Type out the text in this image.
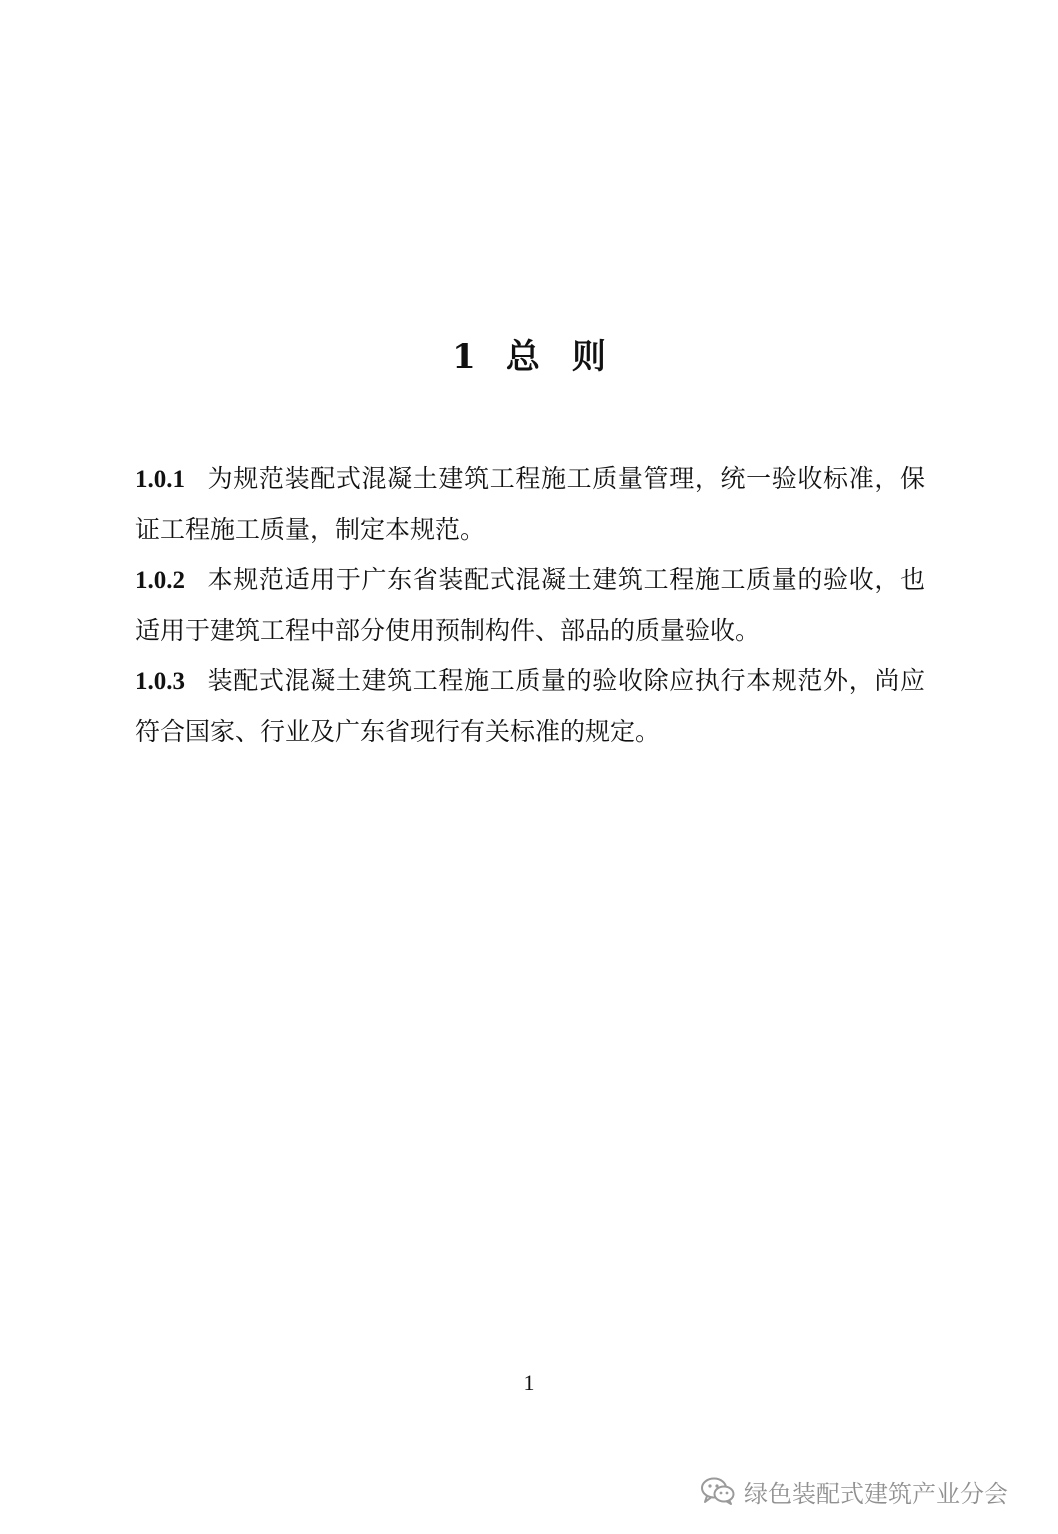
1 总 则

1.0.1 为规范装配式混凝土建筑工程施工质量管理，统一验收标准，保证工程施工质量，制定本规范。

1.0.2 本规范适用于广东省装配式混凝土建筑工程施工质量的验收，也适用于建筑工程中部分使用预制构件、部品的质量验收。

1.0.3 装配式混凝土建筑工程施工质量的验收除应执行本规范外，尚应符合国家、行业及广东省现行有关标准的规定。

1
绿色装配式建筑产业分会
